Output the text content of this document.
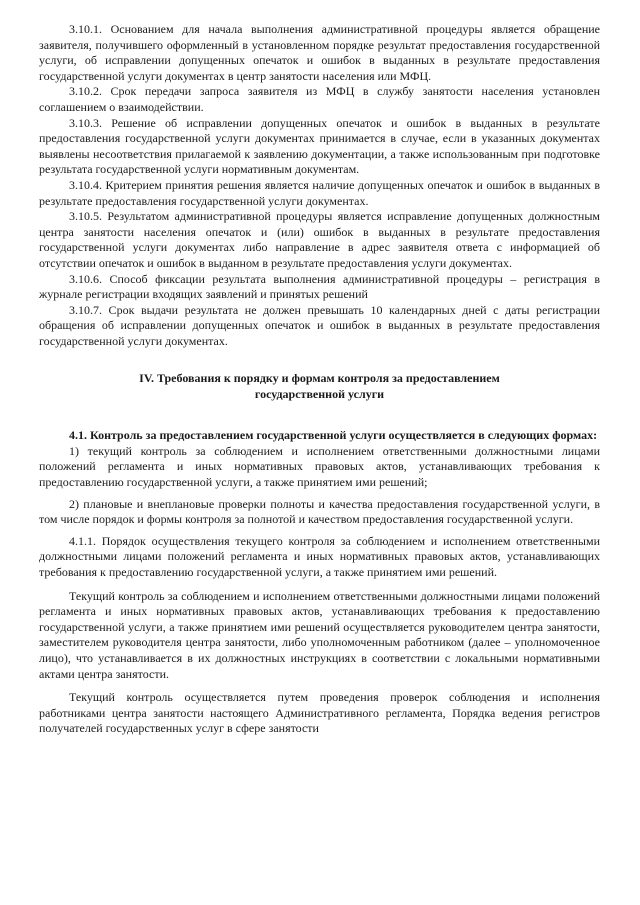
3.10.1. Основанием для начала выполнения административной процедуры является обращение заявителя, получившего оформленный в установленном порядке результат предоставления государственной услуги, об исправлении допущенных опечаток и ошибок в выданных в результате предоставления государственной услуги документах в центр занятости населения или МФЦ.

3.10.2. Срок передачи запроса заявителя из МФЦ в службу занятости населения установлен соглашением о взаимодействии.

3.10.3. Решение об исправлении допущенных опечаток и ошибок в выданных в результате предоставления государственной услуги документах принимается в случае, если в указанных документах выявлены несоответствия прилагаемой к заявлению документации, а также использованным при подготовке результата государственной услуги нормативным документам.

3.10.4. Критерием принятия решения является наличие допущенных опечаток и ошибок в выданных в результате предоставления государственной услуги документах.

3.10.5. Результатом административной процедуры является исправление допущенных должностным центра занятости населения опечаток и (или) ошибок в выданных в результате предоставления государственной услуги документах либо направление в адрес заявителя ответа с информацией об отсутствии опечаток и ошибок в выданном в результате предоставления услуги документах.

3.10.6. Способ фиксации результата выполнения административной процедуры – регистрация в журнале регистрации входящих заявлений и принятых решений

3.10.7. Срок выдачи результата не должен превышать 10 календарных дней с даты регистрации обращения об исправлении допущенных опечаток и ошибок в выданных в результате предоставления государственной услуги документах.

IV. Требования к порядку и формам контроля за предоставлением
государственной услуги

4.1. Контроль за предоставлением государственной услуги осуществляется в следующих формах:

1) текущий контроль за соблюдением и исполнением ответственными должностными лицами положений регламента и иных нормативных правовых актов, устанавливающих требования к предоставлению государственной услуги, а также принятием ими решений;

2) плановые и внеплановые проверки полноты и качества предоставления государственной услуги, в том числе порядок и формы контроля за полнотой и качеством предоставления государственной услуги.

4.1.1. Порядок осуществления текущего контроля за соблюдением и исполнением ответственными должностными лицами положений регламента и иных нормативных правовых актов, устанавливающих требования к предоставлению государственной услуги, а также принятием ими решений.

Текущий контроль за соблюдением и исполнением ответственными должностными лицами положений регламента и иных нормативных правовых актов, устанавливающих требования к предоставлению государственной услуги, а также принятием ими решений осуществляется руководителем центра занятости, заместителем руководителя центра занятости, либо уполномоченным работником (далее – уполномоченное лицо), что устанавливается в их должностных инструкциях в соответствии с локальными нормативными актами центра занятости.

Текущий контроль осуществляется путем проведения проверок соблюдения и исполнения работниками центра занятости настоящего Административного регламента, Порядка ведения регистров получателей государственных услуг в сфере занятости
